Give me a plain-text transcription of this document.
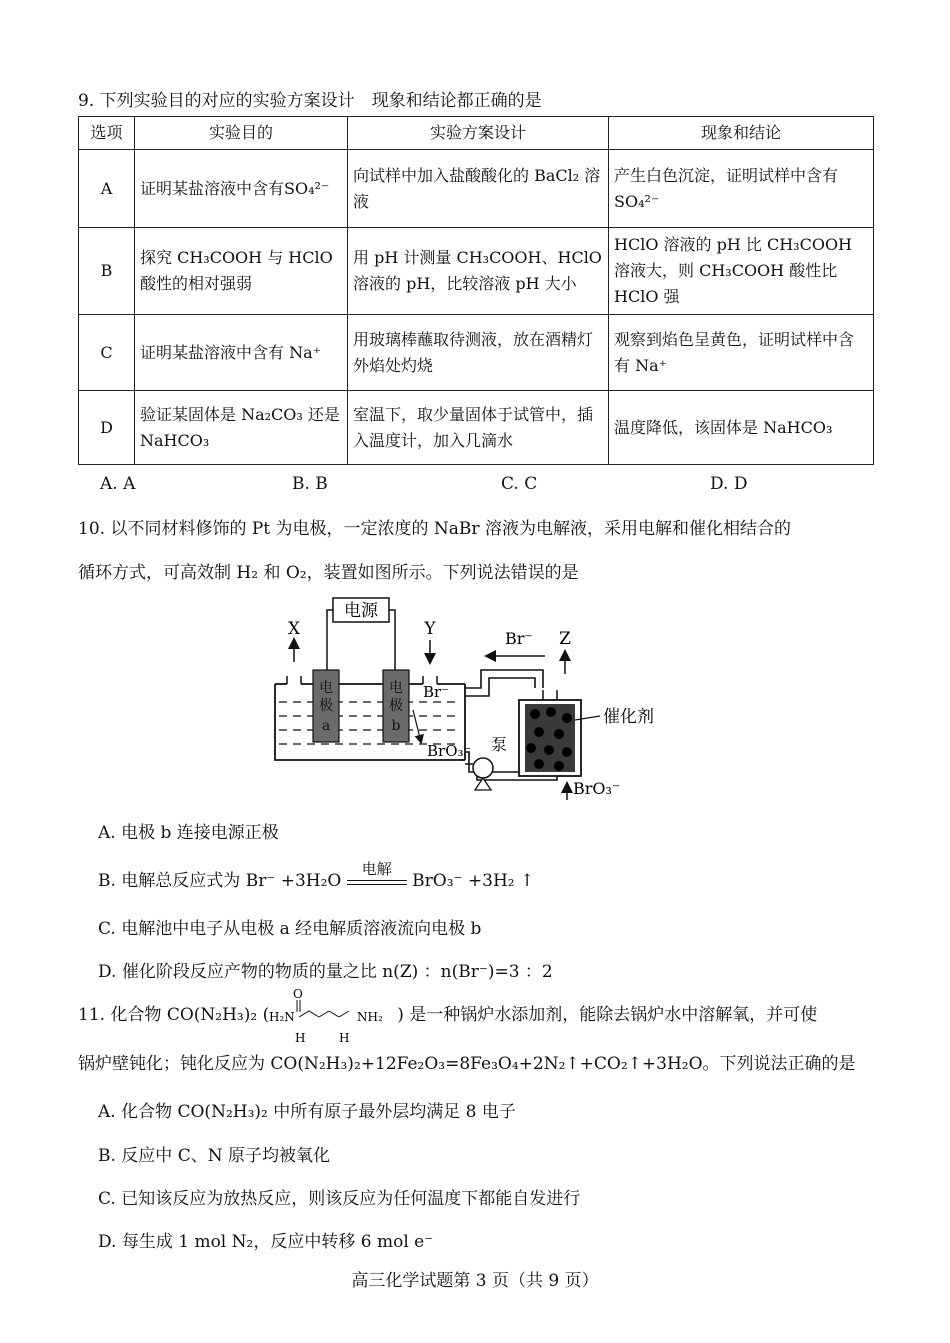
9. 下列实验目的对应的实验方案设计　现象和结论都正确的是
选项	实验目的	实验方案设计	现象和结论
A	证明某盐溶液中含有SO₄²⁻	向试样中加入盐酸酸化的 BaCl₂ 溶液	产生白色沉淀，证明试样中含有SO₄²⁻
B	探究 CH₃COOH 与 HClO 酸性的相对强弱	用 pH 计测量 CH₃COOH、HClO 溶液的 pH，比较溶液 pH 大小	HClO 溶液的 pH 比 CH₃COOH 溶液大，则 CH₃COOH 酸性比 HClO 强
C	证明某盐溶液中含有 Na⁺	用玻璃棒蘸取待测液，放在酒精灯外焰处灼烧	观察到焰色呈黄色，证明试样中含有 Na⁺
D	验证某固体是 Na₂CO₃ 还是 NaHCO₃	室温下，取少量固体于试管中，插入温度计，加入几滴水	温度降低，该固体是 NaHCO₃
A. A	B. B	C. C	D. D
10. 以不同材料修饰的 Pt 为电极，一定浓度的 NaBr 溶液为电解液，采用电解和催化相结合的
循环方式，可高效制 H₂ 和 O₂，装置如图所示。下列说法错误的是
电源
X	Y
电
极
a
电
极
b
Br⁻
BrO₃⁻
Br⁻
泵
Z
催化剂
BrO₃⁻
A. 电极 b 连接电源正极
B. 电解总反应式为 Br⁻ +3H₂O
电解
BrO₃⁻ +3H₂ ↑
C. 电解池中电子从电极 a 经电解质溶液流向电极 b
D. 催化阶段反应产物的物质的量之比 n(Z) ：n(Br⁻)=3 ：2
11. 化合物 CO(N₂H₃)₂ ( H₂N	NH₂ ) 是一种锅炉水添加剂，能除去锅炉水中溶解氧，并可使
O
H	H
锅炉壁钝化；钝化反应为 CO(N₂H₃)₂+12Fe₂O₃=8Fe₃O₄+2N₂↑+CO₂↑+3H₂O。下列说法正确的是
A. 化合物 CO(N₂H₃)₂ 中所有原子最外层均满足 8 电子
B. 反应中 C、N 原子均被氧化
C. 已知该反应为放热反应，则该反应为任何温度下都能自发进行
D. 每生成 1 mol N₂，反应中转移 6 mol e⁻
高三化学试题第 3 页（共 9 页）
